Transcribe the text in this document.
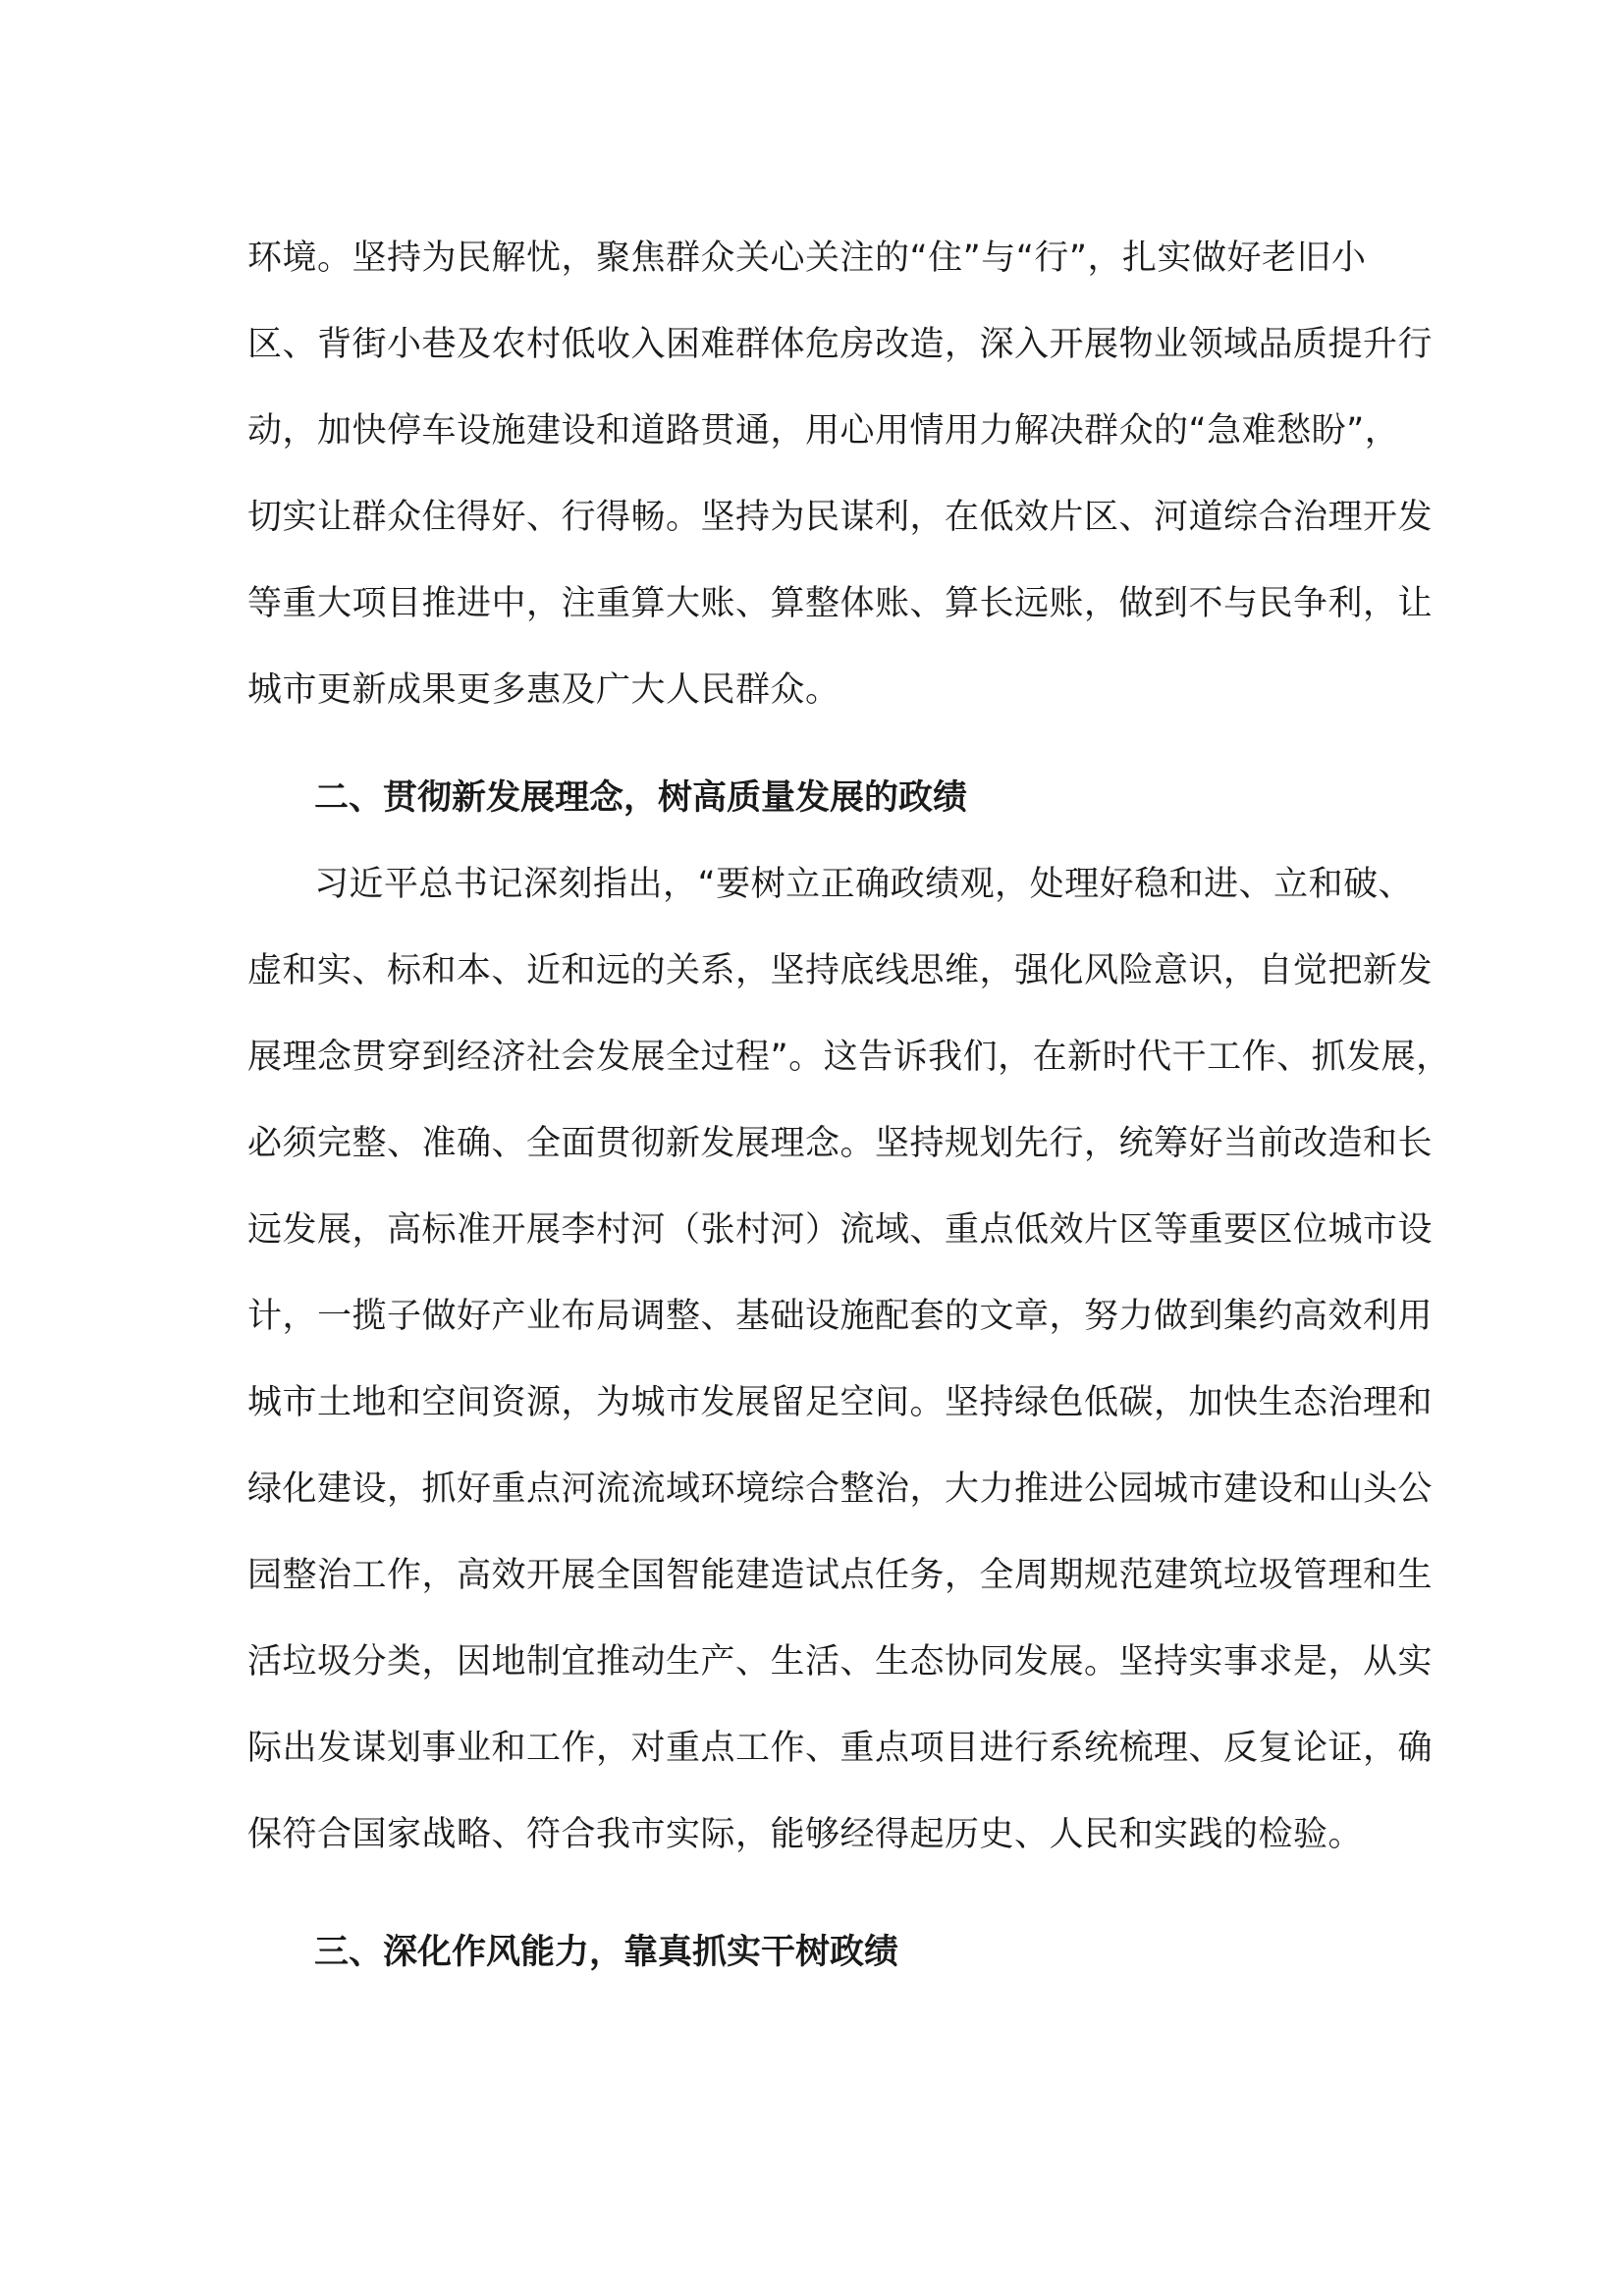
环境。坚持为民解忧，聚焦群众关心关注的“住”与“行”，扎实做好老旧小
区、背街小巷及农村低收入困难群体危房改造，深入开展物业领域品质提升行
动，加快停车设施建设和道路贯通，用心用情用力解决群众的“急难愁盼”，
切实让群众住得好、行得畅。坚持为民谋利，在低效片区、河道综合治理开发
等重大项目推进中，注重算大账、算整体账、算长远账，做到不与民争利，让
城市更新成果更多惠及广大人民群众。
二、贯彻新发展理念，树高质量发展的政绩
习近平总书记深刻指出，“要树立正确政绩观，处理好稳和进、立和破、
虚和实、标和本、近和远的关系，坚持底线思维，强化风险意识，自觉把新发
展理念贯穿到经济社会发展全过程”。这告诉我们，在新时代干工作、抓发展，
必须完整、准确、全面贯彻新发展理念。坚持规划先行，统筹好当前改造和长
远发展，高标准开展李村河（张村河）流域、重点低效片区等重要区位城市设
计，一揽子做好产业布局调整、基础设施配套的文章，努力做到集约高效利用
城市土地和空间资源，为城市发展留足空间。坚持绿色低碳，加快生态治理和
绿化建设，抓好重点河流流域环境综合整治，大力推进公园城市建设和山头公
园整治工作，高效开展全国智能建造试点任务，全周期规范建筑垃圾管理和生
活垃圾分类，因地制宜推动生产、生活、生态协同发展。坚持实事求是，从实
际出发谋划事业和工作，对重点工作、重点项目进行系统梳理、反复论证，确
保符合国家战略、符合我市实际，能够经得起历史、人民和实践的检验。
三、深化作风能力，靠真抓实干树政绩
